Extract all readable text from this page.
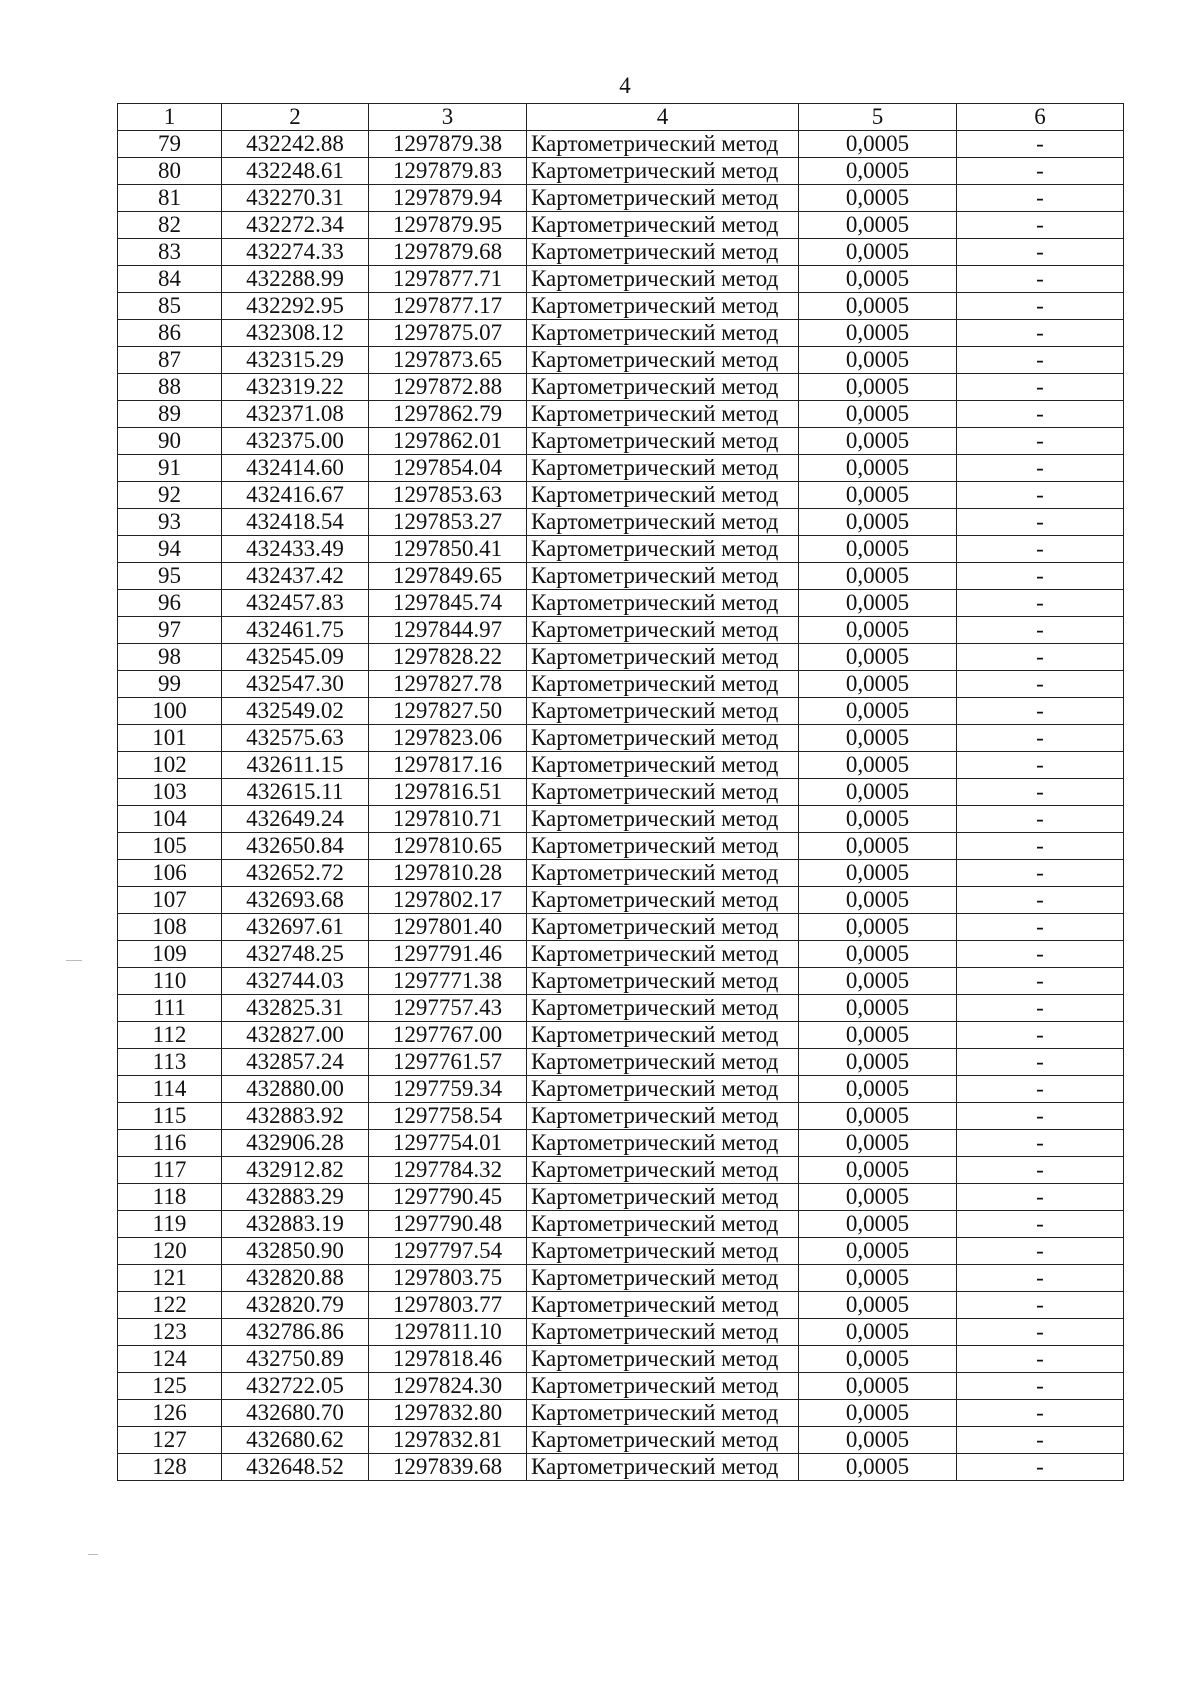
4
1	2	3	4	5	6
79	432242.88	1297879.38	Картометрический метод	0,0005	-
80	432248.61	1297879.83	Картометрический метод	0,0005	-
81	432270.31	1297879.94	Картометрический метод	0,0005	-
82	432272.34	1297879.95	Картометрический метод	0,0005	-
83	432274.33	1297879.68	Картометрический метод	0,0005	-
84	432288.99	1297877.71	Картометрический метод	0,0005	-
85	432292.95	1297877.17	Картометрический метод	0,0005	-
86	432308.12	1297875.07	Картометрический метод	0,0005	-
87	432315.29	1297873.65	Картометрический метод	0,0005	-
88	432319.22	1297872.88	Картометрический метод	0,0005	-
89	432371.08	1297862.79	Картометрический метод	0,0005	-
90	432375.00	1297862.01	Картометрический метод	0,0005	-
91	432414.60	1297854.04	Картометрический метод	0,0005	-
92	432416.67	1297853.63	Картометрический метод	0,0005	-
93	432418.54	1297853.27	Картометрический метод	0,0005	-
94	432433.49	1297850.41	Картометрический метод	0,0005	-
95	432437.42	1297849.65	Картометрический метод	0,0005	-
96	432457.83	1297845.74	Картометрический метод	0,0005	-
97	432461.75	1297844.97	Картометрический метод	0,0005	-
98	432545.09	1297828.22	Картометрический метод	0,0005	-
99	432547.30	1297827.78	Картометрический метод	0,0005	-
100	432549.02	1297827.50	Картометрический метод	0,0005	-
101	432575.63	1297823.06	Картометрический метод	0,0005	-
102	432611.15	1297817.16	Картометрический метод	0,0005	-
103	432615.11	1297816.51	Картометрический метод	0,0005	-
104	432649.24	1297810.71	Картометрический метод	0,0005	-
105	432650.84	1297810.65	Картометрический метод	0,0005	-
106	432652.72	1297810.28	Картометрический метод	0,0005	-
107	432693.68	1297802.17	Картометрический метод	0,0005	-
108	432697.61	1297801.40	Картометрический метод	0,0005	-
109	432748.25	1297791.46	Картометрический метод	0,0005	-
110	432744.03	1297771.38	Картометрический метод	0,0005	-
111	432825.31	1297757.43	Картометрический метод	0,0005	-
112	432827.00	1297767.00	Картометрический метод	0,0005	-
113	432857.24	1297761.57	Картометрический метод	0,0005	-
114	432880.00	1297759.34	Картометрический метод	0,0005	-
115	432883.92	1297758.54	Картометрический метод	0,0005	-
116	432906.28	1297754.01	Картометрический метод	0,0005	-
117	432912.82	1297784.32	Картометрический метод	0,0005	-
118	432883.29	1297790.45	Картометрический метод	0,0005	-
119	432883.19	1297790.48	Картометрический метод	0,0005	-
120	432850.90	1297797.54	Картометрический метод	0,0005	-
121	432820.88	1297803.75	Картометрический метод	0,0005	-
122	432820.79	1297803.77	Картометрический метод	0,0005	-
123	432786.86	1297811.10	Картометрический метод	0,0005	-
124	432750.89	1297818.46	Картометрический метод	0,0005	-
125	432722.05	1297824.30	Картометрический метод	0,0005	-
126	432680.70	1297832.80	Картометрический метод	0,0005	-
127	432680.62	1297832.81	Картометрический метод	0,0005	-
128	432648.52	1297839.68	Картометрический метод	0,0005	-
